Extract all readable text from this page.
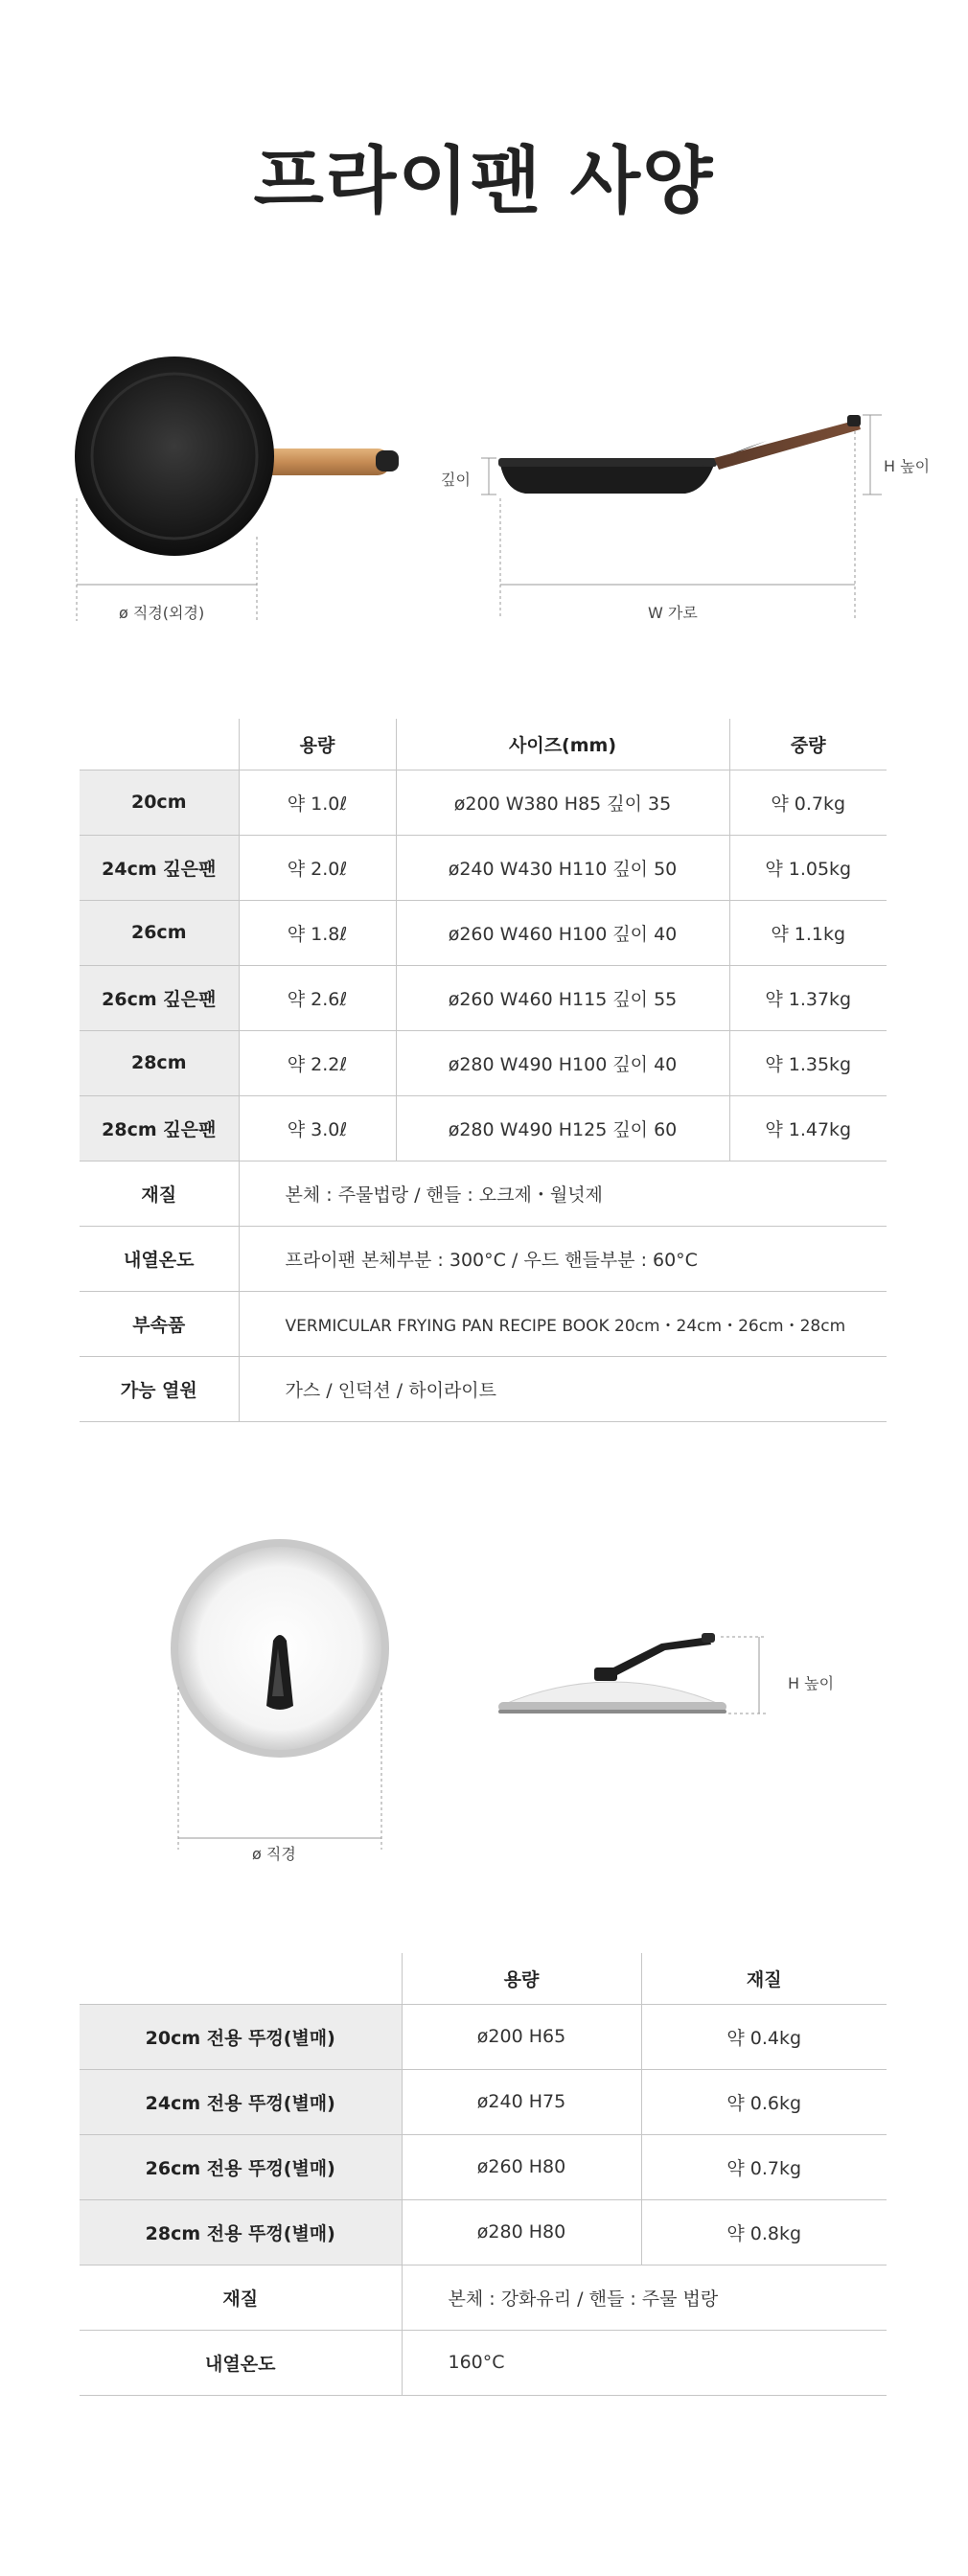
프라이팬 사양
ø 직경(외경)	W 가로
깊이
H 높이
	용량	사이즈(mm)	중량
20cm	약 1.0ℓ	ø200 W380 H85 깊이 35	약 0.7kg
24cm 깊은팬	약 2.0ℓ	ø240 W430 H110 깊이 50	약 1.05kg
26cm	약 1.8ℓ	ø260 W460 H100 깊이 40	약 1.1kg
26cm 깊은팬	약 2.6ℓ	ø260 W460 H115 깊이 55	약 1.37kg
28cm	약 2.2ℓ	ø280 W490 H100 깊이 40	약 1.35kg
28cm 깊은팬	약 3.0ℓ	ø280 W490 H125 깊이 60	약 1.47kg
재질	본체 : 주물법랑 / 핸들 : 오크제・월넛제		
내열온도	프라이팬 본체부분 : 300°C / 우드 핸들부분 : 60°C		
부속품	VERMICULAR FRYING PAN RECIPE BOOK 20cm・24cm・26cm・28cm		
가능 열원	가스 / 인덕션 / 하이라이트		
ø 직경
H 높이
	용량	재질
20cm 전용 뚜껑(별매)	ø200 H65	약 0.4kg
24cm 전용 뚜껑(별매)	ø240 H75	약 0.6kg
26cm 전용 뚜껑(별매)	ø260 H80	약 0.7kg
28cm 전용 뚜껑(별매)	ø280 H80	약 0.8kg
재질	본체 : 강화유리 / 핸들 : 주물 법랑	
내열온도	160°C	
